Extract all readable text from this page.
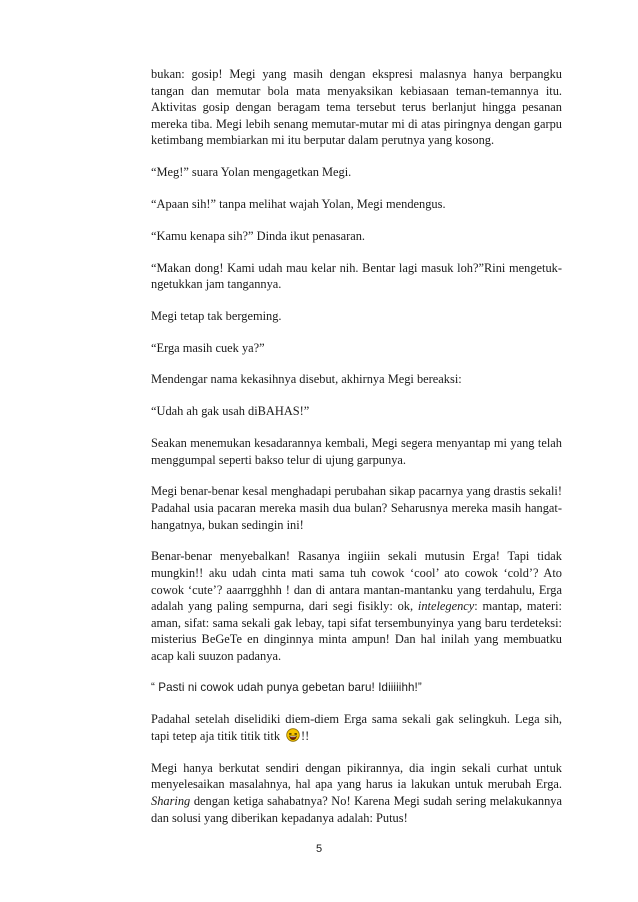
bukan: gosip! Megi yang masih dengan ekspresi malasnya hanya berpangku tangan dan memutar bola mata menyaksikan kebiasaan teman-temannya itu. Aktivitas gosip dengan beragam tema tersebut terus berlanjut hingga pesanan mereka tiba. Megi lebih senang memutar-mutar mi di atas piringnya dengan garpu ketimbang membiarkan mi itu berputar dalam perutnya yang kosong.

“Meg!” suara Yolan mengagetkan Megi.

“Apaan sih!” tanpa melihat wajah Yolan, Megi mendengus.

“Kamu kenapa sih?” Dinda ikut penasaran.

“Makan dong! Kami udah mau kelar nih. Bentar lagi masuk loh?”Rini mengetuk-ngetukkan jam tangannya.

Megi tetap tak bergeming.

“Erga masih cuek ya?”

Mendengar nama kekasihnya disebut, akhirnya Megi bereaksi:

“Udah ah gak usah diBAHAS!”

Seakan menemukan kesadarannya kembali, Megi segera menyantap mi yang telah menggumpal seperti bakso telur di ujung garpunya.

Megi benar-benar kesal menghadapi perubahan sikap pacarnya yang drastis sekali! Padahal usia pacaran mereka masih dua bulan? Seharusnya mereka masih hangat-hangatnya, bukan sedingin ini!

Benar-benar menyebalkan! Rasanya ingiiin sekali mutusin Erga! Tapi tidak mungkin!! aku udah cinta mati sama tuh cowok ‘cool’ ato cowok ‘cold’? Ato cowok ‘cute’? aaarrgghhh ! dan di antara mantan-mantanku yang terdahulu, Erga adalah yang paling sempurna, dari segi fisikly: ok, intelegency: mantap, materi: aman, sifat: sama sekali gak lebay, tapi sifat tersembunyinya yang baru terdeteksi: misterius BeGeTe en dinginnya minta ampun! Dan hal inilah yang membuatku acap kali suuzon padanya.

“ Pasti ni cowok udah punya gebetan baru! Idiiiiihh!”

Padahal setelah diselidiki diem-diem Erga sama sekali gak selingkuh. Lega sih, tapi tetep aja titik titik titk !!

Megi hanya berkutat sendiri dengan pikirannya, dia ingin sekali curhat untuk menyelesaikan masalahnya, hal apa yang harus ia lakukan untuk merubah Erga. Sharing dengan ketiga sahabatnya? No! Karena Megi sudah sering melakukannya dan solusi yang diberikan kepadanya adalah: Putus!

5
